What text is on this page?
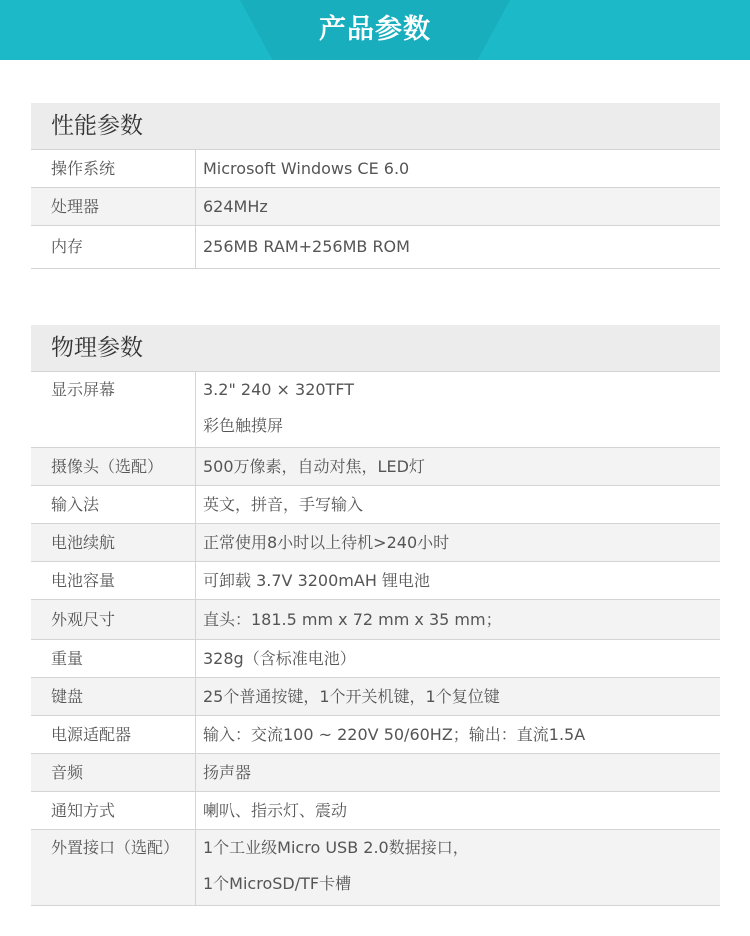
产品参数
性能参数
操作系统	Microsoft Windows CE 6.0
处理器	624MHz
内存	256MB RAM+256MB ROM
物理参数
显示屏幕	3.2" 240 × 320TFT
彩色触摸屏
摄像头（选配）	500万像素，自动对焦，LED灯
输入法	英文，拼音，手写输入
电池续航	正常使用8小时以上待机>240小时
电池容量	可卸载 3.7V 3200mAH 锂电池
外观尺寸	直头：181.5 mm x 72 mm x 35 mm；
重量	328g（含标准电池）
键盘	25个普通按键，1个开关机键，1个复位键
电源适配器	输入：交流100 ~ 220V 50/60HZ；输出：直流1.5A
音频	扬声器
通知方式	喇叭、指示灯、震动
外置接口（选配）	1个工业级Micro USB 2.0数据接口，
1个MicroSD/TF卡槽
